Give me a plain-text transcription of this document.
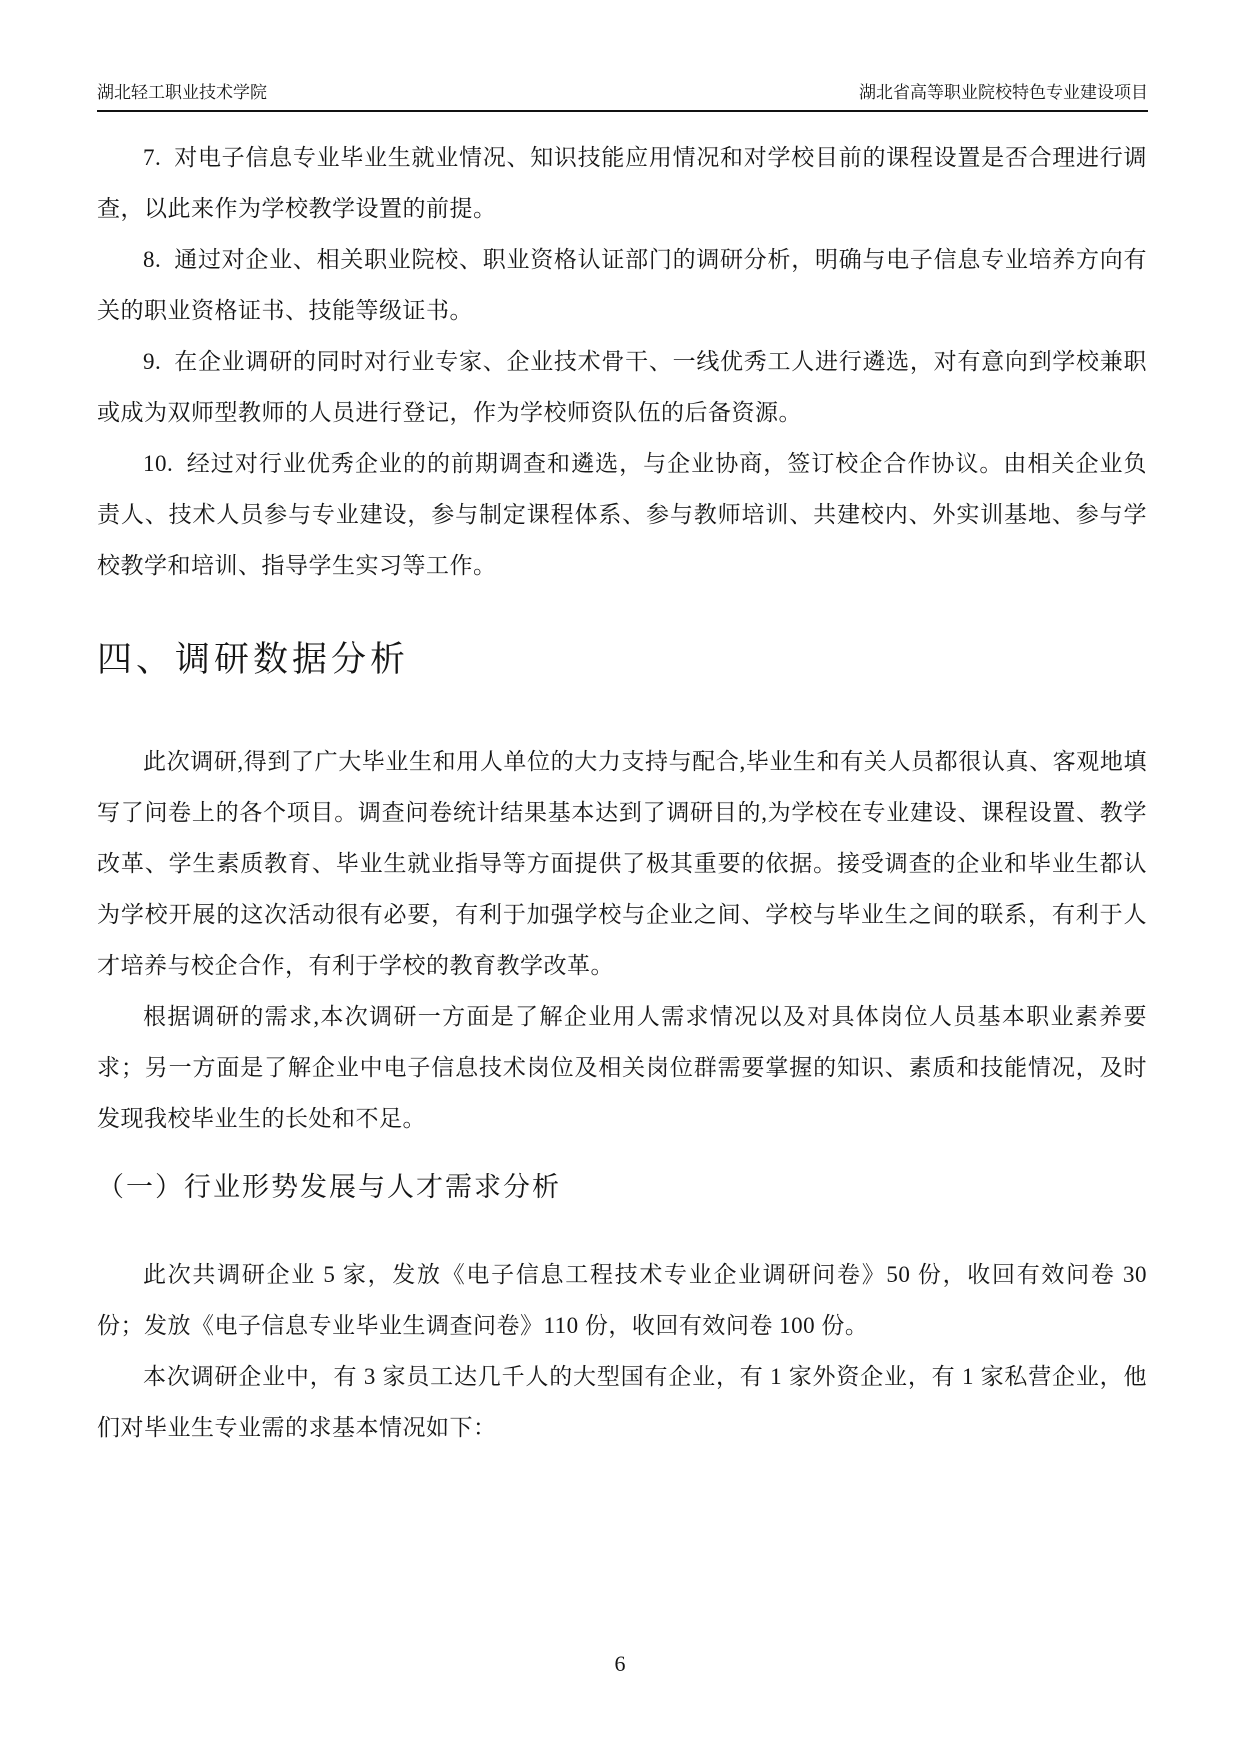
湖北轻工职业技术学院	湖北省高等职业院校特色专业建设项目

7.  对电子信息专业毕业生就业情况、知识技能应用情况和对学校目前的课程设置是否合理进行调查，以此来作为学校教学设置的前提。

8.  通过对企业、相关职业院校、职业资格认证部门的调研分析，明确与电子信息专业培养方向有关的职业资格证书、技能等级证书。

9.  在企业调研的同时对行业专家、企业技术骨干、一线优秀工人进行遴选，对有意向到学校兼职或成为双师型教师的人员进行登记，作为学校师资队伍的后备资源。

10.  经过对行业优秀企业的的前期调查和遴选，与企业协商，签订校企合作协议。由相关企业负责人、技术人员参与专业建设，参与制定课程体系、参与教师培训、共建校内、外实训基地、参与学校教学和培训、指导学生实习等工作。

四、调研数据分析

此次调研,得到了广大毕业生和用人单位的大力支持与配合,毕业生和有关人员都很认真、客观地填写了问卷上的各个项目。调查问卷统计结果基本达到了调研目的,为学校在专业建设、课程设置、教学改革、学生素质教育、毕业生就业指导等方面提供了极其重要的依据。接受调查的企业和毕业生都认为学校开展的这次活动很有必要，有利于加强学校与企业之间、学校与毕业生之间的联系，有利于人才培养与校企合作，有利于学校的教育教学改革。

根据调研的需求,本次调研一方面是了解企业用人需求情况以及对具体岗位人员基本职业素养要求；另一方面是了解企业中电子信息技术岗位及相关岗位群需要掌握的知识、素质和技能情况，及时发现我校毕业生的长处和不足。

（一）行业形势发展与人才需求分析

此次共调研企业 5 家，发放《电子信息工程技术专业企业调研问卷》50 份，收回有效问卷 30 份；发放《电子信息专业毕业生调查问卷》110 份，收回有效问卷 100 份。

本次调研企业中，有 3 家员工达几千人的大型国有企业，有 1 家外资企业，有 1 家私营企业，他们对毕业生专业需的求基本情况如下：

6
